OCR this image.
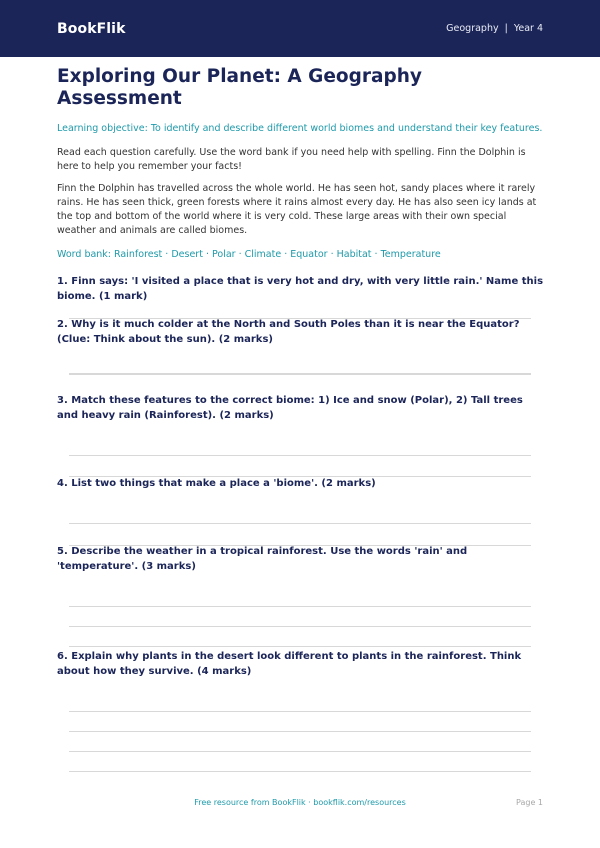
BookFlik	Geography | Year 4
Exploring Our Planet: A Geography Assessment
Learning objective: To identify and describe different world biomes and understand their key features.
Read each question carefully. Use the word bank if you need help with spelling. Finn the Dolphin is here to help you remember your facts!
Finn the Dolphin has travelled across the whole world. He has seen hot, sandy places where it rarely rains. He has seen thick, green forests where it rains almost every day. He has also seen icy lands at the top and bottom of the world where it is very cold. These large areas with their own special weather and animals are called biomes.
Word bank: Rainforest · Desert · Polar · Climate · Equator · Habitat · Temperature
1. Finn says: 'I visited a place that is very hot and dry, with very little rain.' Name this biome. (1 mark)
2. Why is it much colder at the North and South Poles than it is near the Equator? (Clue: Think about the sun). (2 marks)
3. Match these features to the correct biome: 1) Ice and snow (Polar), 2) Tall trees and heavy rain (Rainforest). (2 marks)
4. List two things that make a place a 'biome'. (2 marks)
5. Describe the weather in a tropical rainforest. Use the words 'rain' and 'temperature'. (3 marks)
6. Explain why plants in the desert look different to plants in the rainforest. Think about how they survive. (4 marks)
Free resource from BookFlik · bookflik.com/resources	Page 1
